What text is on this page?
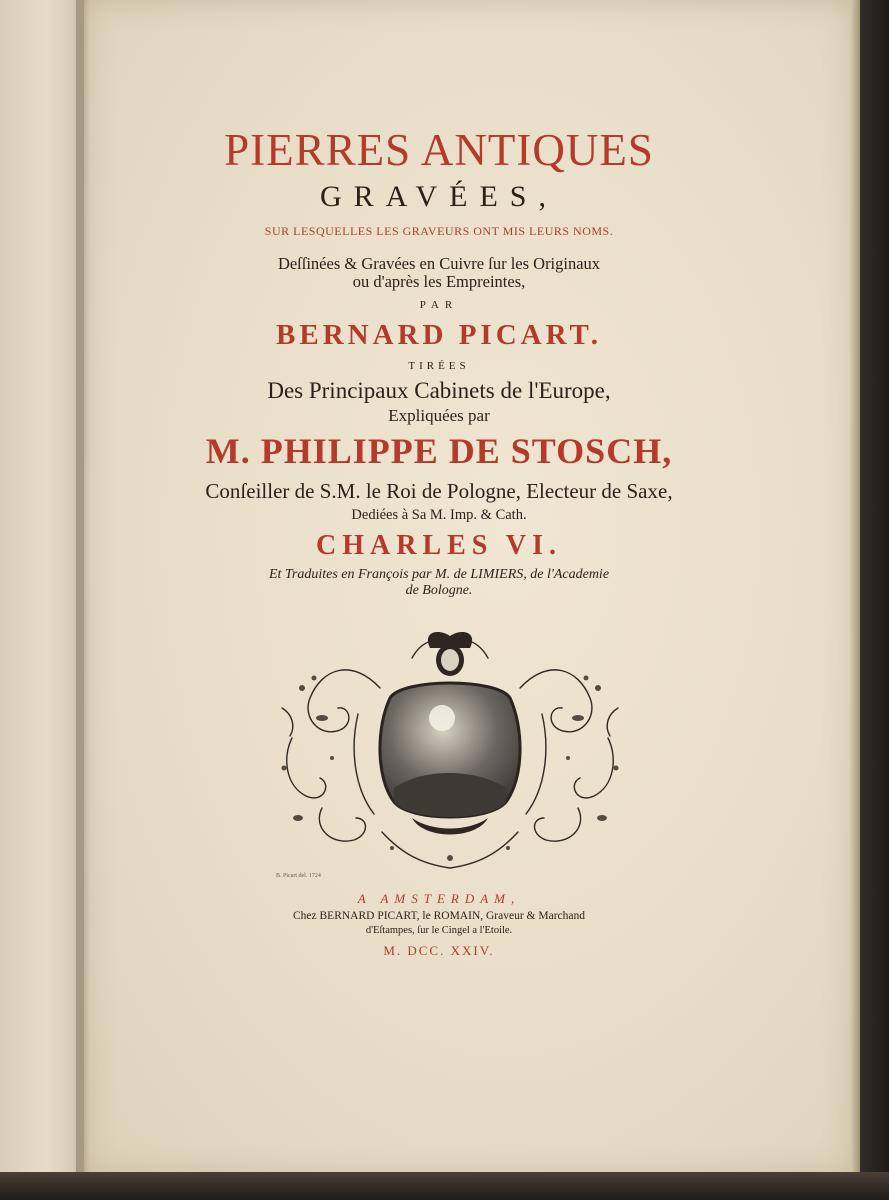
PIERRES ANTIQUES

GRAVÉES,

SUR LESQUELLES LES GRAVEURS ONT MIS LEURS NOMS.

Deſſinées & Gravées en Cuivre ſur les Originaux

ou d'après les Empreintes,

PAR

BERNARD PICART.

TIRÉES

Des Principaux Cabinets de l'Europe,

Expliquées par

M. PHILIPPE DE STOSCH,

Conſeiller de S.M. le Roi de Pologne, Electeur de Saxe,

Dediées à Sa M. Imp. & Cath.

CHARLES VI.

Et Traduites en François par M. de LIMIERS, de l'Academie

de Bologne.

B. Picart del. 1724

A AMSTERDAM,

Chez BERNARD PICART, le ROMAIN, Graveur & Marchand

d'Eſtampes, ſur le Cingel a l'Etoile.

M. DCC. XXIV.
